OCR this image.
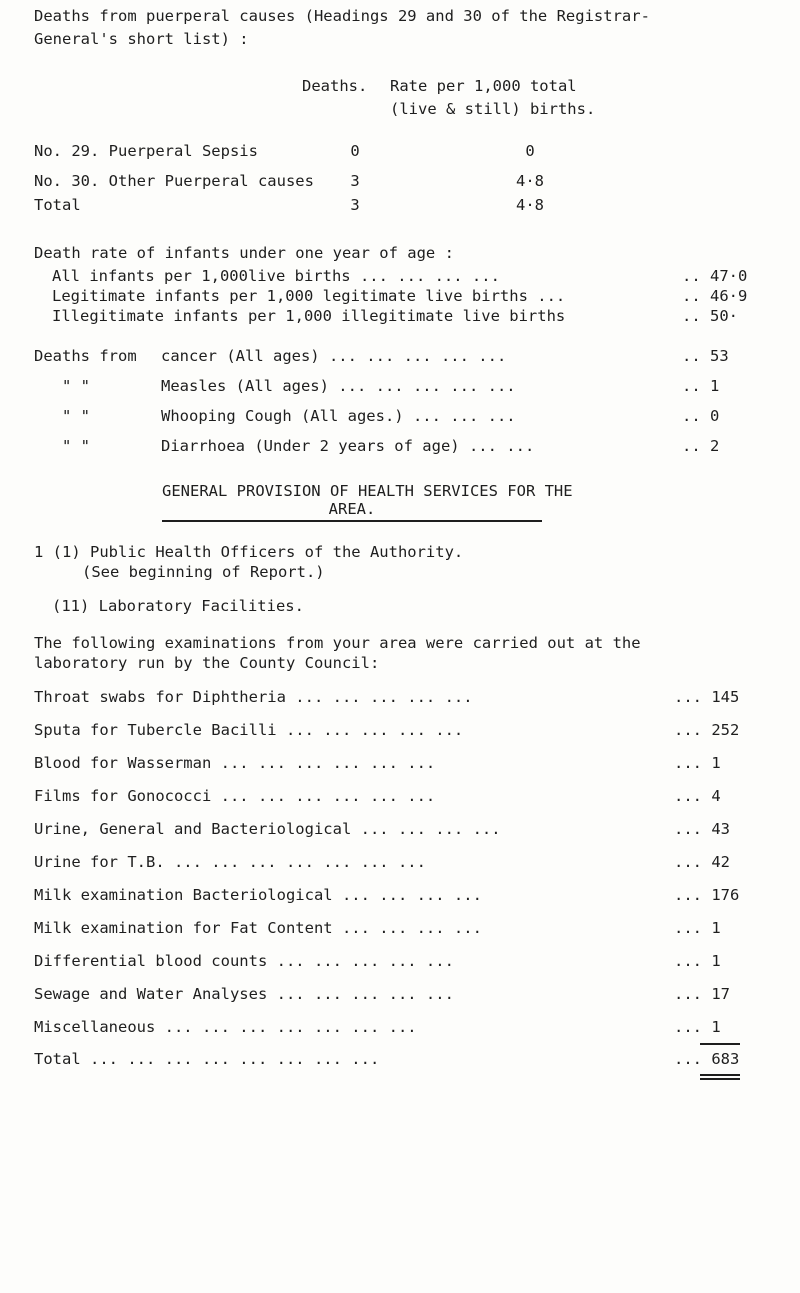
Deaths from puerperal causes (Headings 29 and 30 of the Registrar-
General's short list) :
Deaths. Rate per 1,000 total
(live & still) births.
No. 29. Puerperal Sepsis	0	0
No. 30. Other Puerperal causes	3	4·8
Total	3	4·8
Death rate of infants under one year of age :
All infants per 1,000live births ... ... ... ...	.. 47·0
Legitimate infants per 1,000 legitimate live births ...	.. 46·9
Illegitimate infants per 1,000 illegitimate live births	.. 50·
Deaths from cancer (All ages) ... ... ... ... ...	.. 53
" "	Measles (All ages) ... ... ... ... ...	.. 1
" "	Whooping Cough (All ages.) ... ... ...	.. 0
" "	Diarrhoea (Under 2 years of age) ... ...	.. 2
GENERAL PROVISION OF HEALTH SERVICES FOR THE
AREA.
1 (1) Public Health Officers of the Authority.
(See beginning of Report.)
(11) Laboratory Facilities.
The following examinations from your area were carried out at the
laboratory run by the County Council:
Throat swabs for Diphtheria ... ... ... ... ...	... 145
Sputa for Tubercle Bacilli ... ... ... ... ...	... 252
Blood for Wasserman ... ... ... ... ... ...	... 1
Films for Gonococci ... ... ... ... ... ...	... 4
Urine, General and Bacteriological ... ... ... ...	... 43
Urine for T.B. ... ... ... ... ... ... ...	... 42
Milk examination Bacteriological ... ... ... ...	... 176
Milk examination for Fat Content ... ... ... ...	... 1
Differential blood counts ... ... ... ... ...	... 1
Sewage and Water Analyses ... ... ... ... ...	... 17
Miscellaneous ... ... ... ... ... ... ...	... 1
Total ... ... ... ... ... ... ... ...	... 683
